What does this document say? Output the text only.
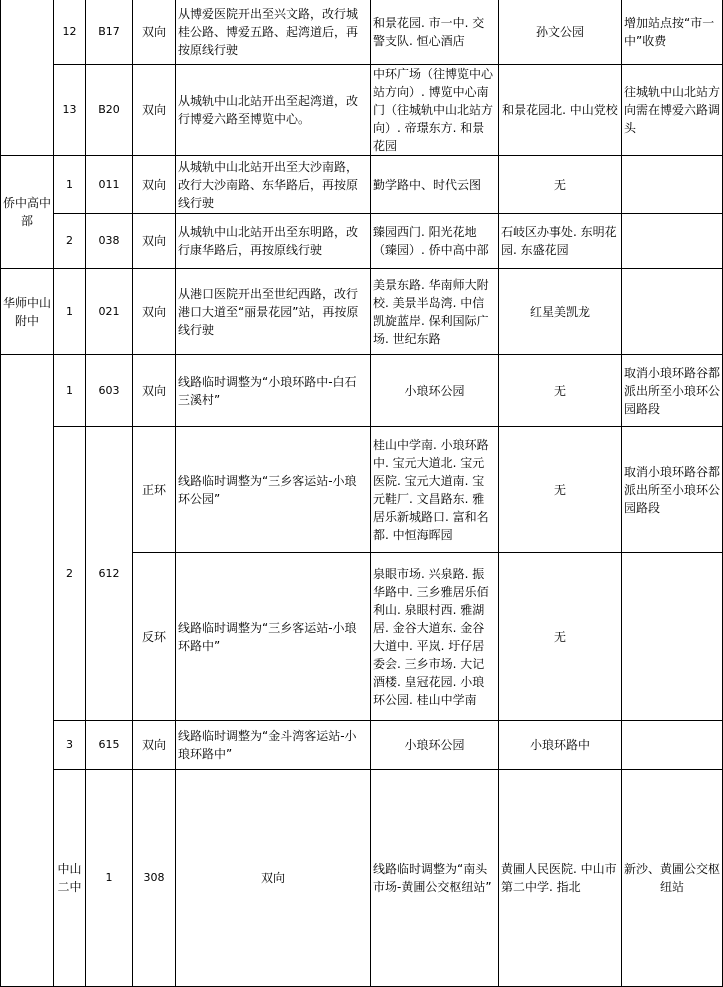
	12	B17	双向	从博爱医院开出至兴文路，改行城桂公路、博爱五路、起湾道后，再按原线行驶	和景花园. 市一中. 交警支队. 恒心酒店	孙文公园	增加站点按“市一中”收费	
	13	B20	双向	从城轨中山北站开出至起湾道，改行博爱六路至博览中心。	中环广场（往博览中心站方向）. 博览中心南门（往城轨中山北站方向）. 帝璟东方. 和景花园	和景花园北. 中山党校	往城轨中山北站方向需在博爱六路调头	
侨中高中部	1	011	双向	从城轨中山北站开出至大沙南路，改行大沙南路、东华路后，再按原线行驶	勤学路中、时代云图	无		
	2	038	双向	从城轨中山北站开出至东明路，改行康华路后，再按原线行驶	臻园西门. 阳光花地（臻园）. 侨中高中部	石岐区办事处. 东明花园. 东盛花园		
华师中山附中	1	021	双向	从港口医院开出至世纪西路，改行港口大道至“丽景花园”站，再按原线行驶	美景东路. 华南师大附校. 美景半岛湾. 中信凯旋蓝岸. 保利国际广场. 世纪东路	红星美凯龙		
	1	603	双向	线路临时调整为“小琅环路中-白石三溪村”	小琅环公园	无	取消小琅环路谷都派出所至小琅环公园路段	
	2	612	正环	线路临时调整为“三乡客运站-小琅环公园”	桂山中学南. 小琅环路中. 宝元大道北. 宝元医院. 宝元大道南. 宝元鞋厂. 文昌路东. 雅居乐新城路口. 富和名都. 中恒海晖园	无	取消小琅环路谷都派出所至小琅环公园路段	
			反环	线路临时调整为“三乡客运站-小琅环路中”	泉眼市场. 兴泉路. 振华路中. 三乡雅居乐佰利山. 泉眼村西. 雅湖居. 金谷大道东. 金谷大道中. 平岚. 圩仔居委会. 三乡市场. 大记酒楼. 皇冠花园. 小琅环公园. 桂山中学南	无		
	3	615	双向	线路临时调整为“金斗湾客运站-小琅环路中”	小琅环公园	小琅环路中		
	中山二中	1	308	双向	线路临时调整为“南头市场-黄圃公交枢纽站”	黄圃人民医院. 中山市第二中学. 指北	新沙、黄圃公交枢纽站	
